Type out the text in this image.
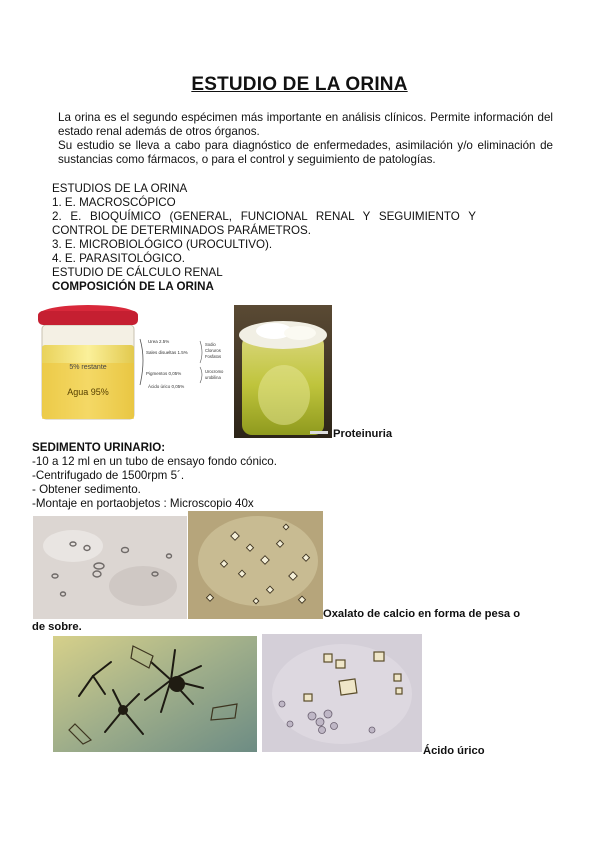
ESTUDIO DE LA ORINA

La orina es el segundo espécimen más importante en análisis clínicos. Permite información del estado renal además de otros órganos.

Su estudio se lleva a cabo para diagnóstico de enfermedades, asimilación y/o eliminación de sustancias como fármacos, o para el control y seguimiento de patologías.

ESTUDIOS DE LA ORINA
1. E. MACROSCÓPICO
2. E. BIOQUÍMICO (GENERAL, FUNCIONAL RENAL Y SEGUIMIENTO Y
CONTROL DE DETERMINADOS PARÁMETROS.
3. E. MICROBIOLÓGICO (UROCULTIVO).
4. E. PARASITOLÓGICO.
ESTUDIO DE CÁLCULO RENAL
COMPOSICIÓN DE LA ORINA
5% restante
Agua 95%
Urea 2.5%
Sales disueltas 1.5%
Pigmentos 0,05%
Ácido úrico 0,05%
Sodio
Cloruros
Fosfatos
Urocromo
urobilina
Proteinuria
SEDIMENTO URINARIO:
-10 a 12 ml en un tubo de ensayo fondo cónico.
-Centrifugado de 1500rpm 5´.
- Obtener sedimento.
-Montaje en portaobjetos : Microscopio 40x
Oxalato de calcio en forma de pesa o
de sobre.
Ácido úrico
